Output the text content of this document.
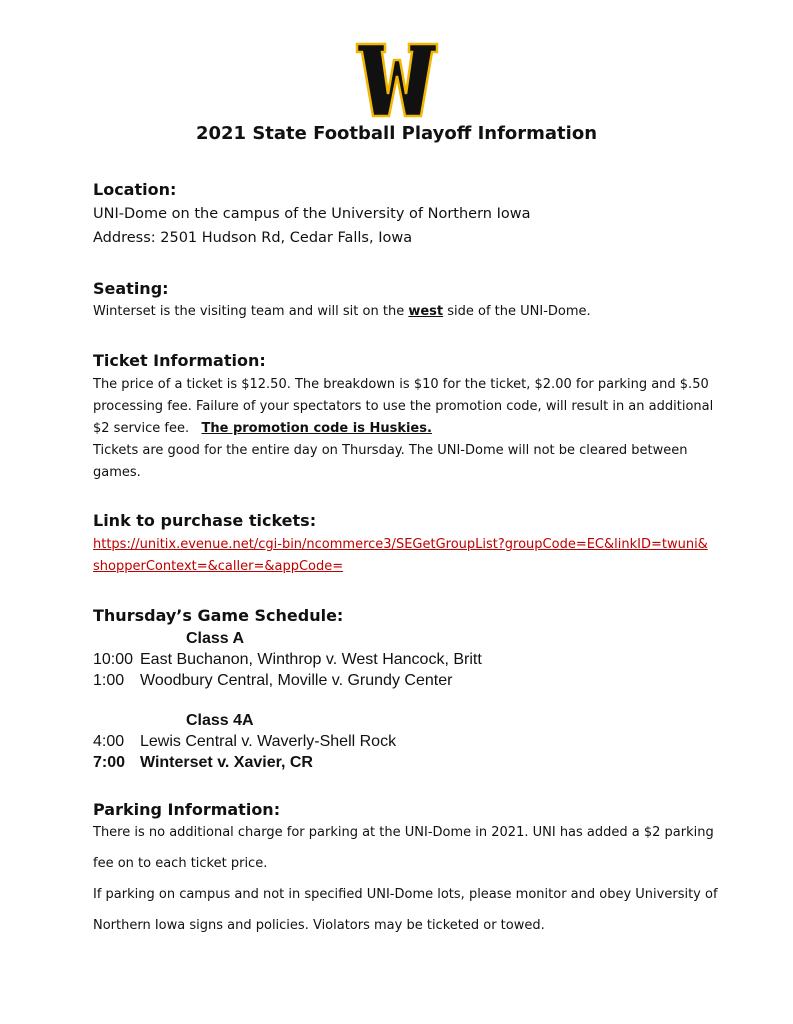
2021 State Football Playoff Information
Location:
UNI-Dome on the campus of the University of Northern Iowa
Address: 2501 Hudson Rd, Cedar Falls, Iowa
Seating:
Winterset is the visiting team and will sit on the west side of the UNI-Dome.
Ticket Information:
The price of a ticket is $12.50. The breakdown is $10 for the ticket, $2.00 for parking and $.50
processing fee. Failure of your spectators to use the promotion code, will result in an additional
$2 service fee.   The promotion code is Huskies.
Tickets are good for the entire day on Thursday. The UNI-Dome will not be cleared between
games.
Link to purchase tickets:
https://unitix.evenue.net/cgi-bin/ncommerce3/SEGetGroupList?groupCode=EC&linkID=twuni&
shopperContext=&caller=&appCode=
Thursday’s Game Schedule:
Class A
10:00 East Buchanon, Winthrop v. West Hancock, Britt
1:00 Woodbury Central, Moville v. Grundy Center
Class 4A
4:00 Lewis Central v. Waverly-Shell Rock
7:00 Winterset v. Xavier, CR
Parking Information:
There is no additional charge for parking at the UNI-Dome in 2021. UNI has added a $2 parking
fee on to each ticket price.
If parking on campus and not in specified UNI-Dome lots, please monitor and obey University of
Northern Iowa signs and policies. Violators may be ticketed or towed.
